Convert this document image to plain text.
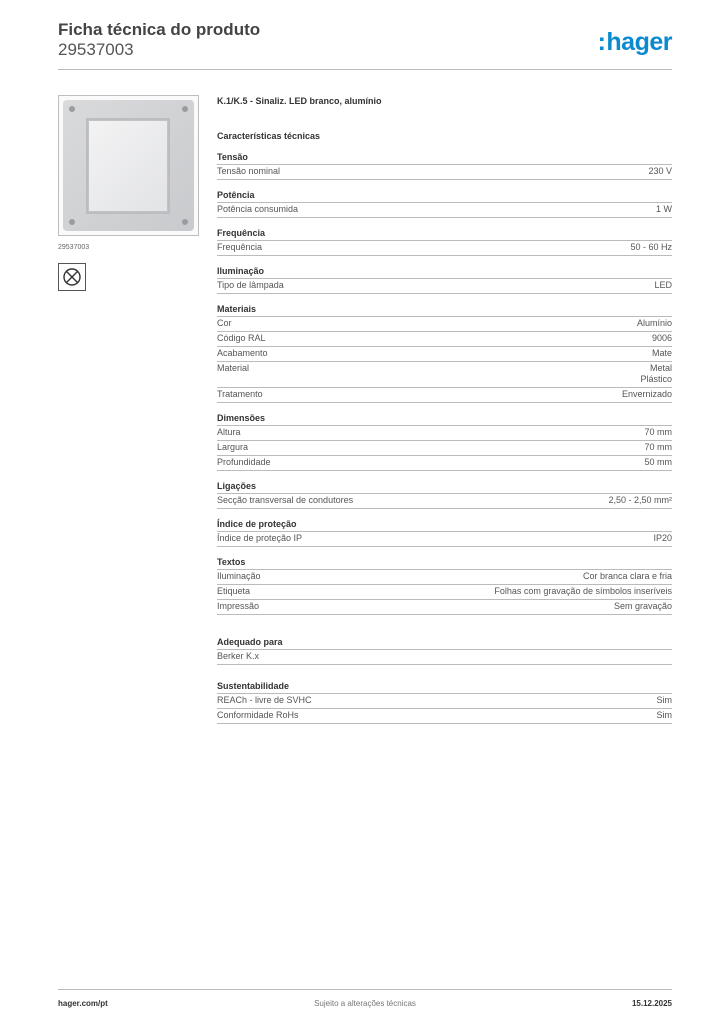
Ficha técnica do produto
29537003	:hager
29537003
K.1/K.5 - Sinaliz. LED branco, alumínio
Características técnicas
Tensão
Tensão nominal	230 V
Potência
Potência consumida	1 W
Frequência
Frequência	50 - 60 Hz
Iluminação
Tipo de lâmpada	LED
Materiais
Cor	Alumínio
Código RAL	9006
Acabamento	Mate
Material	Metal
Plástico
Tratamento	Envernizado
Dimensões
Altura	70 mm
Largura	70 mm
Profundidade	50 mm
Ligações
Secção transversal de condutores	2,50 - 2,50 mm²
Índice de proteção
Índice de proteção IP	IP20
Textos
Iluminação	Cor branca clara e fria
Etiqueta	Folhas com gravação de símbolos inseríveis
Impressão	Sem gravação
Adequado para
Berker K.x
Sustentabilidade
REACh - livre de SVHC	Sim
Conformidade RoHs	Sim
hager.com/pt	Sujeito a alterações técnicas	15.12.2025
